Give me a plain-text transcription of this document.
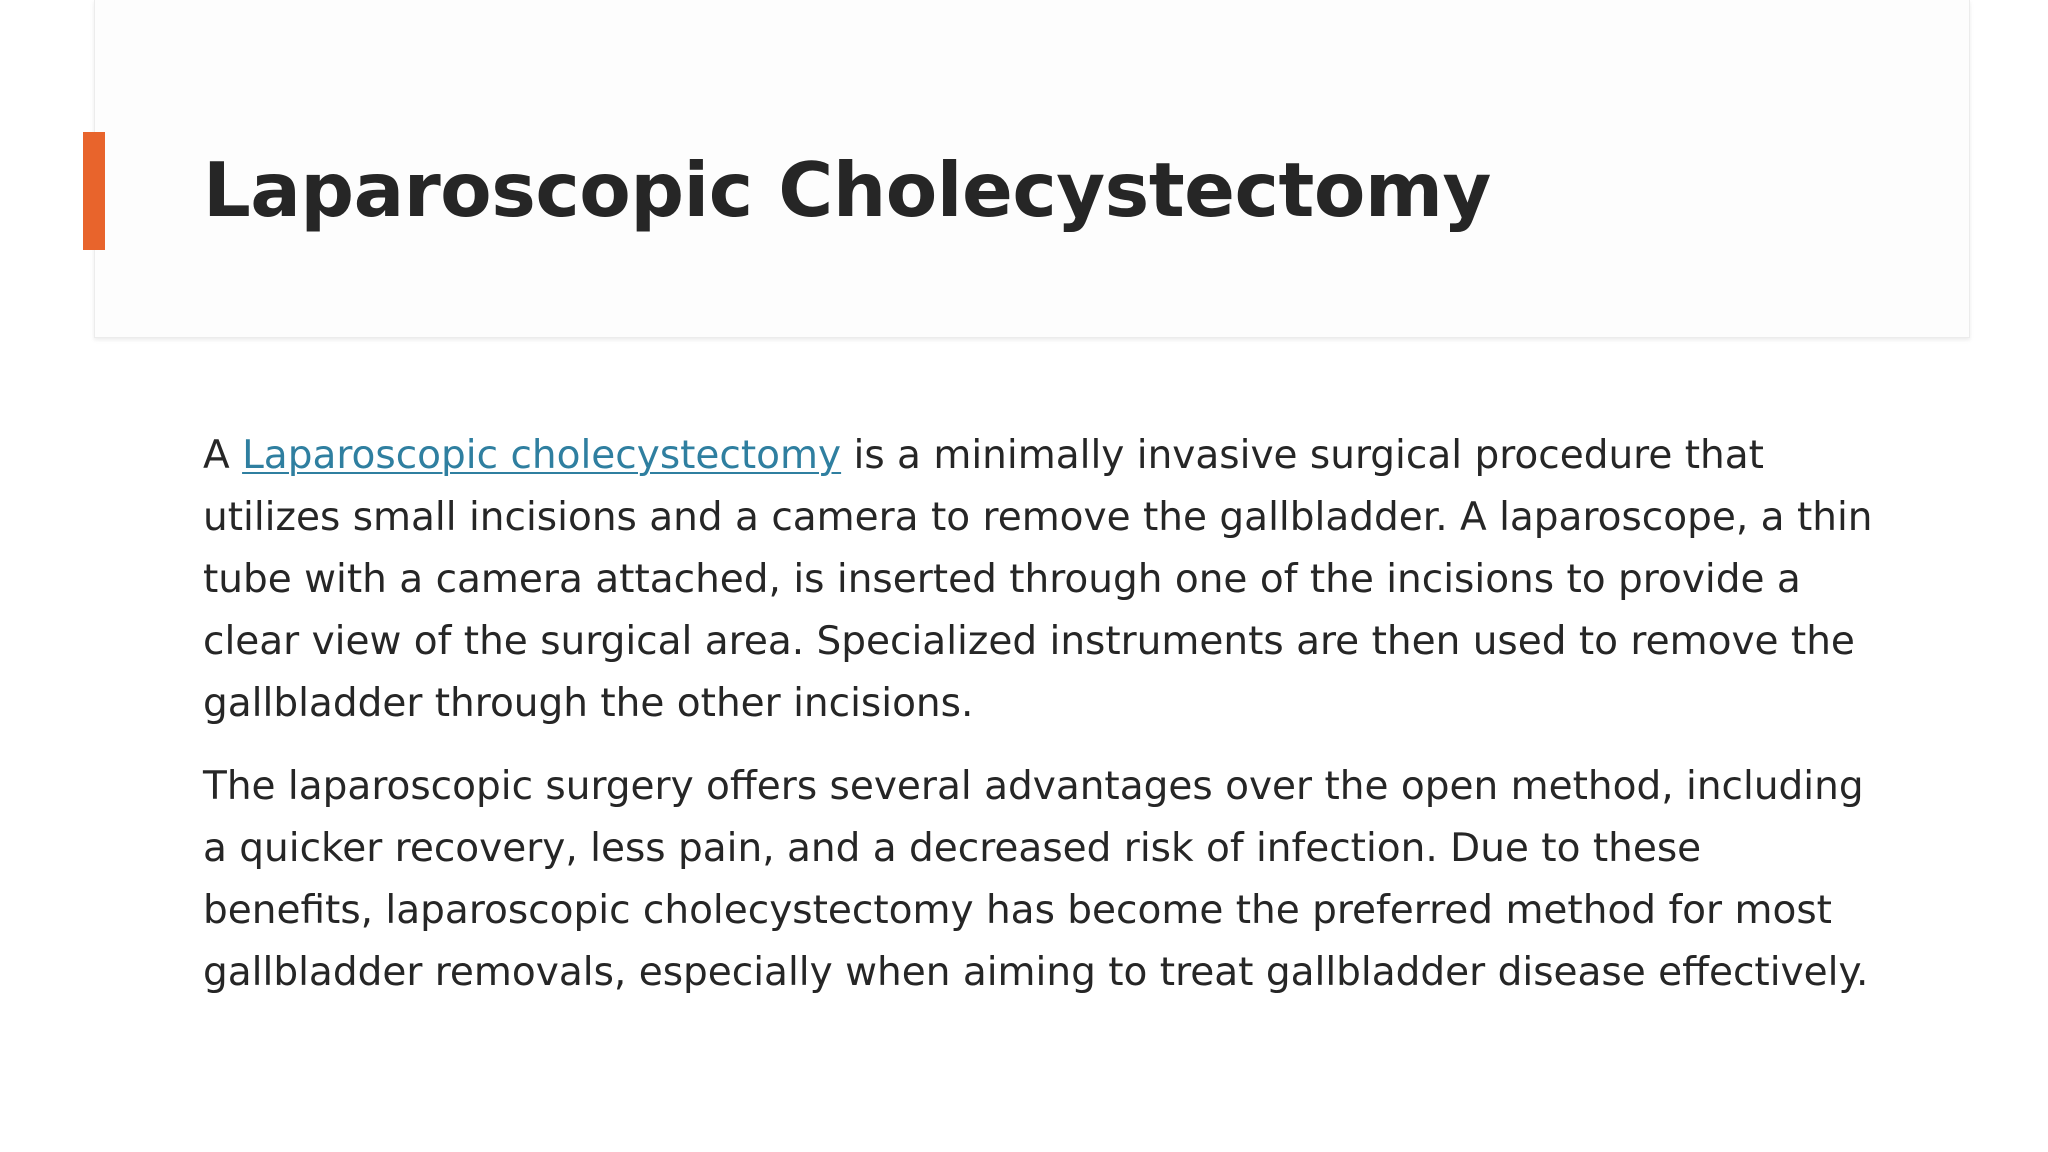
Laparoscopic Cholecystectomy

A Laparoscopic cholecystectomy is a minimally invasive surgical procedure that utilizes small incisions and a camera to remove the gallbladder. A laparoscope, a thin tube with a camera attached, is inserted through one of the incisions to provide a clear view of the surgical area. Specialized instruments are then used to remove the gallbladder through the other incisions.

The laparoscopic surgery offers several advantages over the open method, including a quicker recovery, less pain, and a decreased risk of infection. Due to these benefits, laparoscopic cholecystectomy has become the preferred method for most gallbladder removals, especially when aiming to treat gallbladder disease effectively.
